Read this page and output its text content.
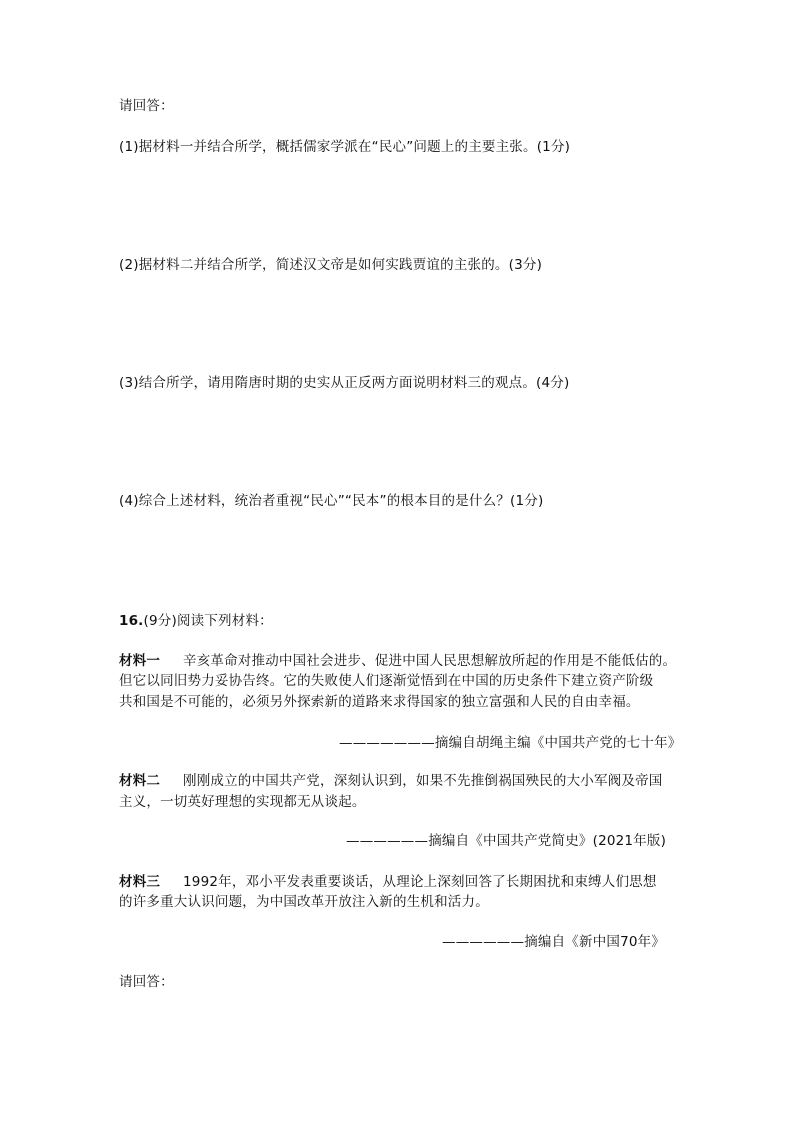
请回答：
(1)据材料一并结合所学，概括儒家学派在“民心”问题上的主要主张。(1分)
(2)据材料二并结合所学，简述汉文帝是如何实践贾谊的主张的。(3分)
(3)结合所学，请用隋唐时期的史实从正反两方面说明材料三的观点。(4分)
(4)综合上述材料，统治者重视“民心”“民本”的根本目的是什么？(1分)
16.(9分)阅读下列材料：
材料一 辛亥革命对推动中国社会进步、促进中国人民思想解放所起的作用是不能低估的。
但它以同旧势力妥协告终。它的失败使人们逐渐觉悟到在中国的历史条件下建立资产阶级
共和国是不可能的，必须另外探索新的道路来求得国家的独立富强和人民的自由幸福。
———————摘编自胡绳主编《中国共产党的七十年》
材料二 刚刚成立的中国共产党，深刻认识到，如果不先推倒祸国殃民的大小军阀及帝国
主义，一切英好理想的实现都无从谈起。
——————摘编自《中国共产党简史》(2021年版)
材料三 1992年，邓小平发表重要谈话，从理论上深刻回答了长期困扰和束缚人们思想
的许多重大认识问题，为中国改革开放注入新的生机和活力。
——————摘编自《新中国70年》
请回答：
